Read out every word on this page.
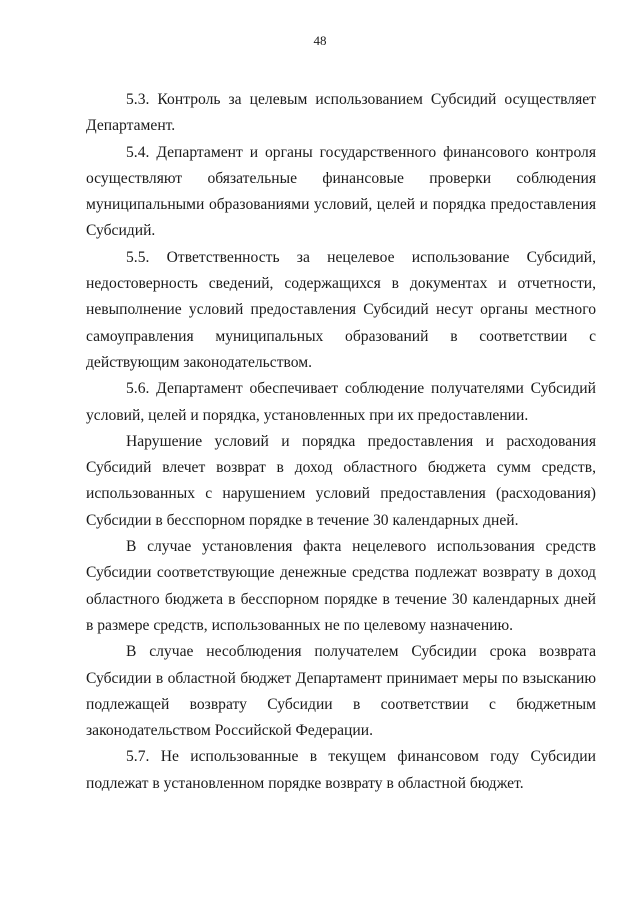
48

5.3. Контроль за целевым использованием Субсидий осуществляет Департамент.

5.4. Департамент и органы государственного финансового контроля осуществляют обязательные финансовые проверки соблюдения муниципальными образованиями условий, целей и порядка предоставления Субсидий.

5.5. Ответственность за нецелевое использование Субсидий, недостоверность сведений, содержащихся в документах и отчетности, невыполнение условий предоставления Субсидий несут органы местного самоуправления муниципальных образований в соответствии с действующим законодательством.

5.6. Департамент обеспечивает соблюдение получателями Субсидий условий, целей и порядка, установленных при их предоставлении.

Нарушение условий и порядка предоставления и расходования Субсидий влечет возврат в доход областного бюджета сумм средств, использованных с нарушением условий предоставления (расходования) Субсидии в бесспорном порядке в течение 30 календарных дней.

В случае установления факта нецелевого использования средств Субсидии соответствующие денежные средства подлежат возврату в доход областного бюджета в бесспорном порядке в течение 30 календарных дней в размере средств, использованных не по целевому назначению.

В случае несоблюдения получателем Субсидии срока возврата Субсидии в областной бюджет Департамент принимает меры по взысканию подлежащей возврату Субсидии в соответствии с бюджетным законодательством Российской Федерации.

5.7. Не использованные в текущем финансовом году Субсидии подлежат в установленном порядке возврату в областной бюджет.
